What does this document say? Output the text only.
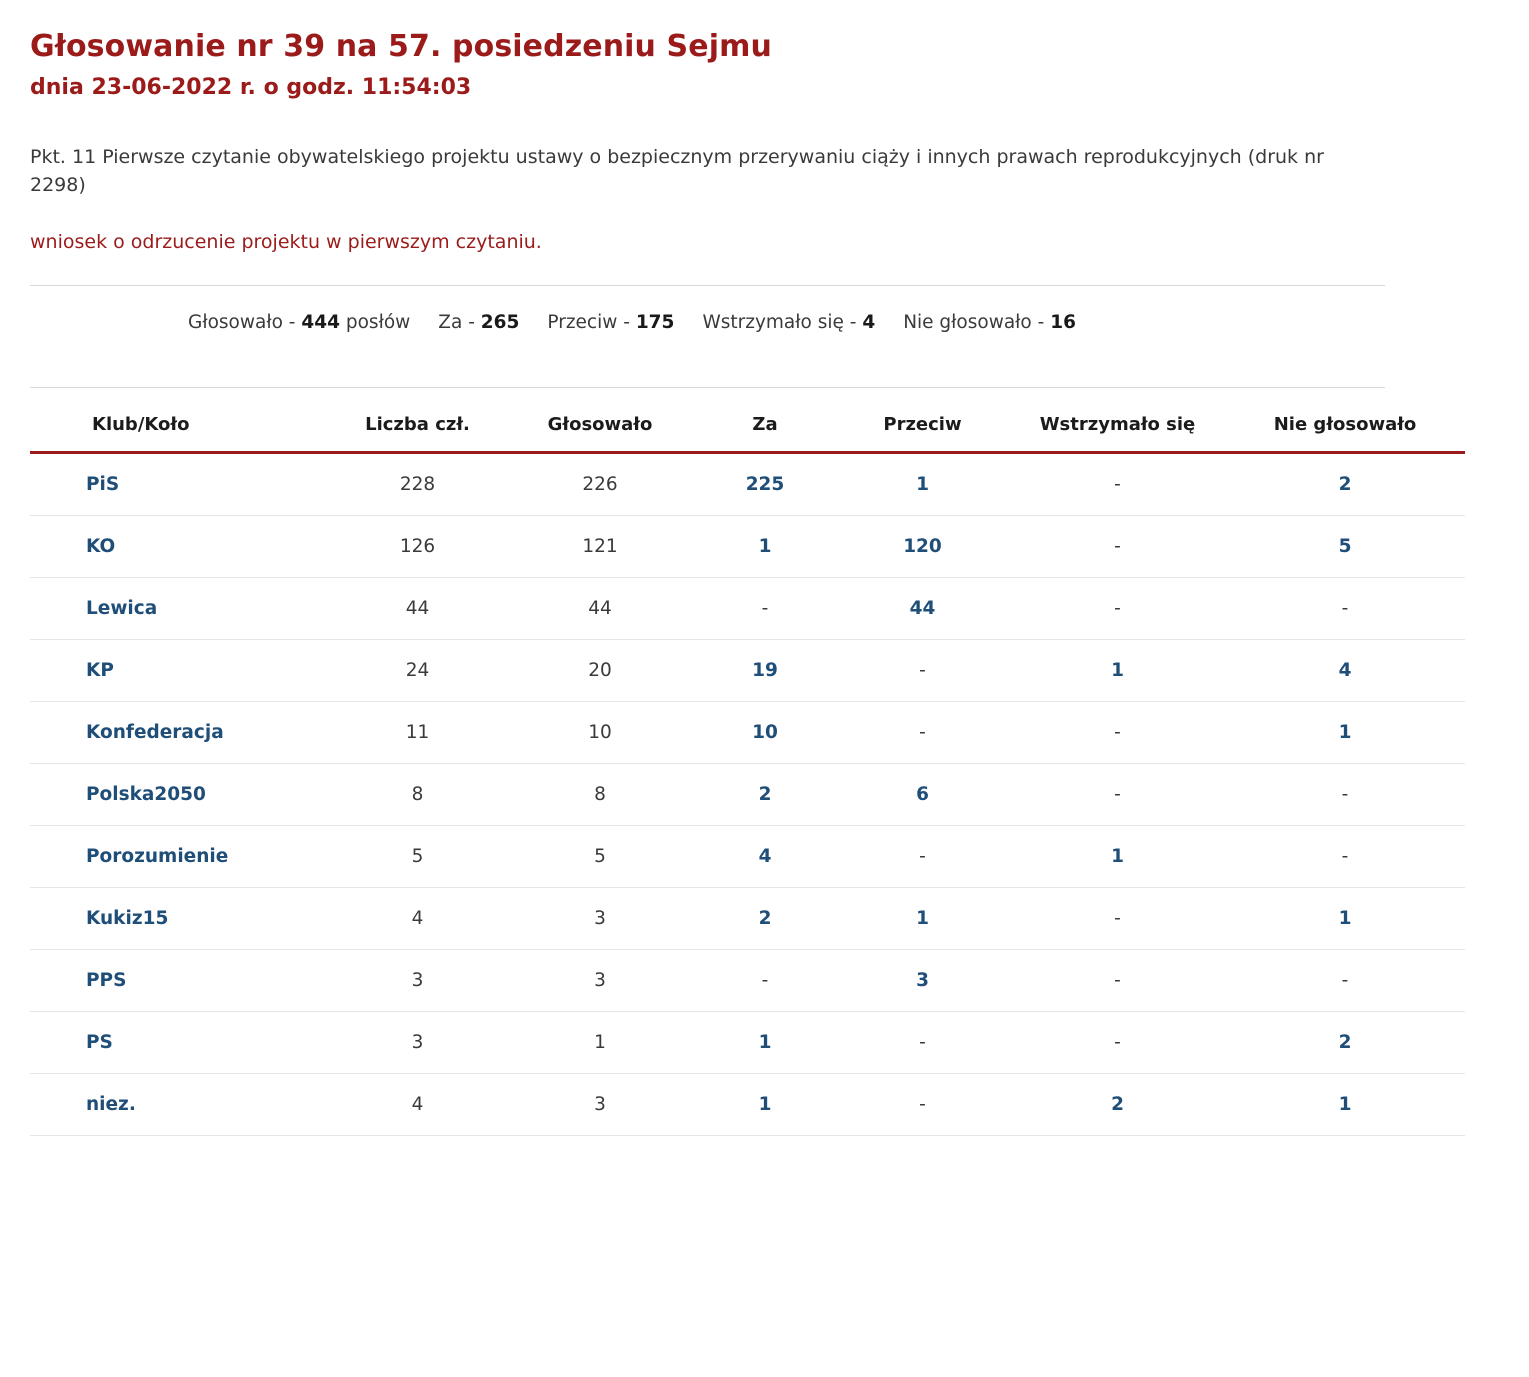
Głosowanie nr 39 na 57. posiedzeniu Sejmu
dnia 23-06-2022 r. o godz. 11:54:03

Pkt. 11 Pierwsze czytanie obywatelskiego projektu ustawy o bezpiecznym przerywaniu ciąży i innych prawach reprodukcyjnych (druk nr 2298)

wniosek o odrzucenie projektu w pierwszym czytaniu.

Głosowało - 444 posłów Za - 265 Przeciw - 175 Wstrzymało się - 4 Nie głosowało - 16
Klub/Koło	Liczba czł.	Głosowało	Za	Przeciw	Wstrzymało się	Nie głosowało
PiS	228	226	225	1	-	2
KO	126	121	1	120	-	5
Lewica	44	44	-	44	-	-
KP	24	20	19	-	1	4
Konfederacja	11	10	10	-	-	1
Polska2050	8	8	2	6	-	-
Porozumienie	5	5	4	-	1	-
Kukiz15	4	3	2	1	-	1
PPS	3	3	-	3	-	-
PS	3	1	1	-	-	2
niez.	4	3	1	-	2	1
